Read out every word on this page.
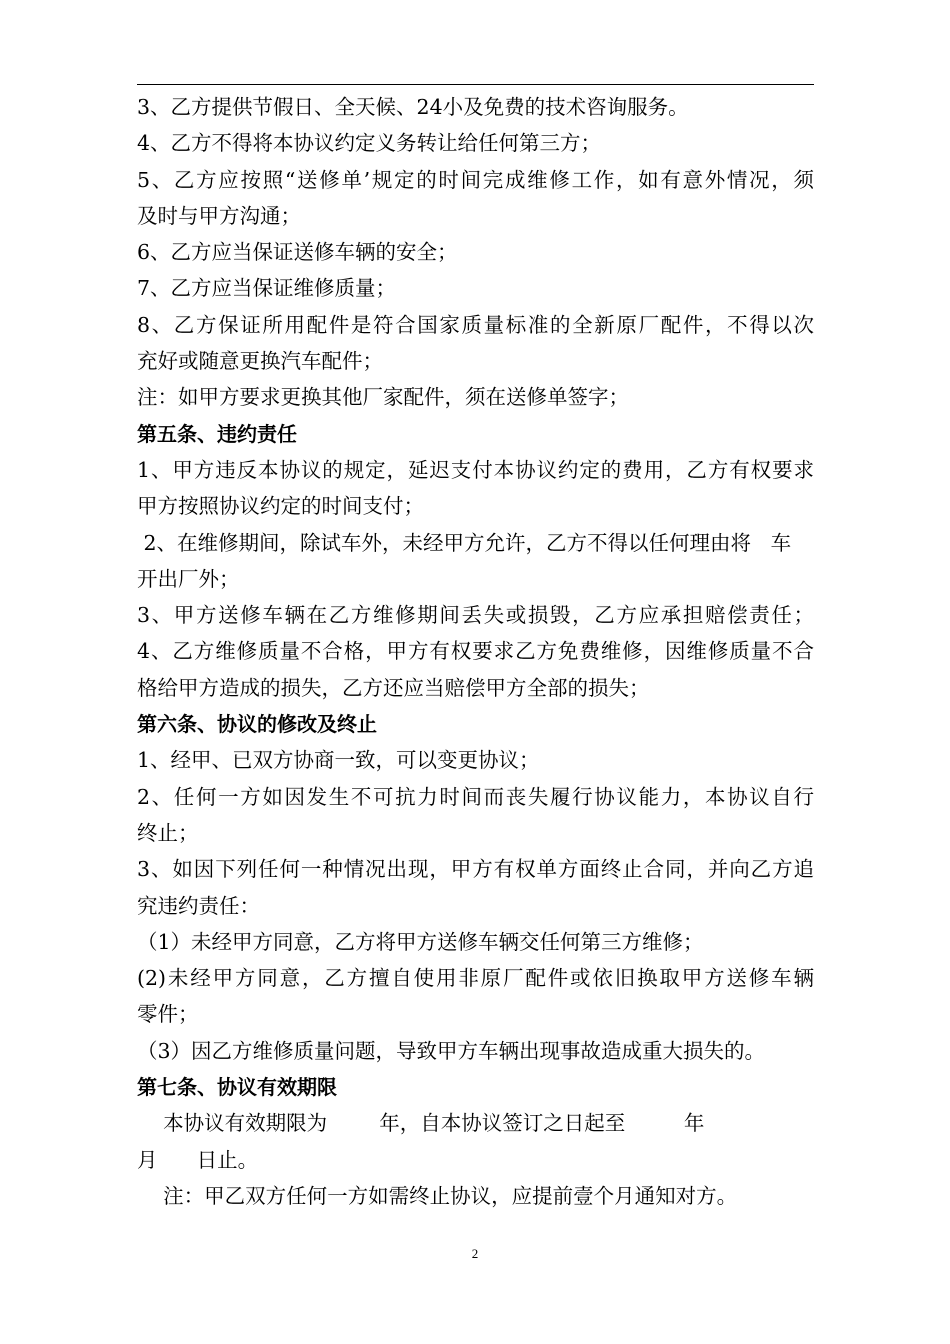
3、乙方提供节假日、全天候、24小及免费的技术咨询服务。
4、乙方不得将本协议约定义务转让给任何第三方；
5、乙方应按照“送修单’规定的时间完成维修工作，如有意外情况，须
及时与甲方沟通；
6、乙方应当保证送修车辆的安全；
7、乙方应当保证维修质量；
8、乙方保证所用配件是符合国家质量标准的全新原厂配件，不得以次
充好或随意更换汽车配件；
注：如甲方要求更换其他厂家配件，须在送修单签字；
第五条、违约责任
1、甲方违反本协议的规定，延迟支付本协议约定的费用，乙方有权要求
甲方按照协议约定的时间支付；
2、在维修期间，除试车外，未经甲方允许，乙方不得以任何理由将   车
开出厂外；
3、甲方送修车辆在乙方维修期间丢失或损毁，乙方应承担赔偿责任；
4、乙方维修质量不合格，甲方有权要求乙方免费维修，因维修质量不合
格给甲方造成的损失，乙方还应当赔偿甲方全部的损失；
第六条、协议的修改及终止
1、经甲、已双方协商一致，可以变更协议；
2、任何一方如因发生不可抗力时间而丧失履行协议能力，本协议自行
终止；
3、如因下列任何一种情况出现，甲方有权单方面终止合同，并向乙方追
究违约责任：
（1）未经甲方同意，乙方将甲方送修车辆交任何第三方维修；
(2)未经甲方同意，乙方擅自使用非原厂配件或依旧换取甲方送修车辆
零件；
（3）因乙方维修质量问题，导致甲方车辆出现事故造成重大损失的。
第七条、协议有效期限
本协议有效期限为        年，自本协议签订之日起至         年
月      日止。
注：甲乙双方任何一方如需终止协议，应提前壹个月通知对方。
2
